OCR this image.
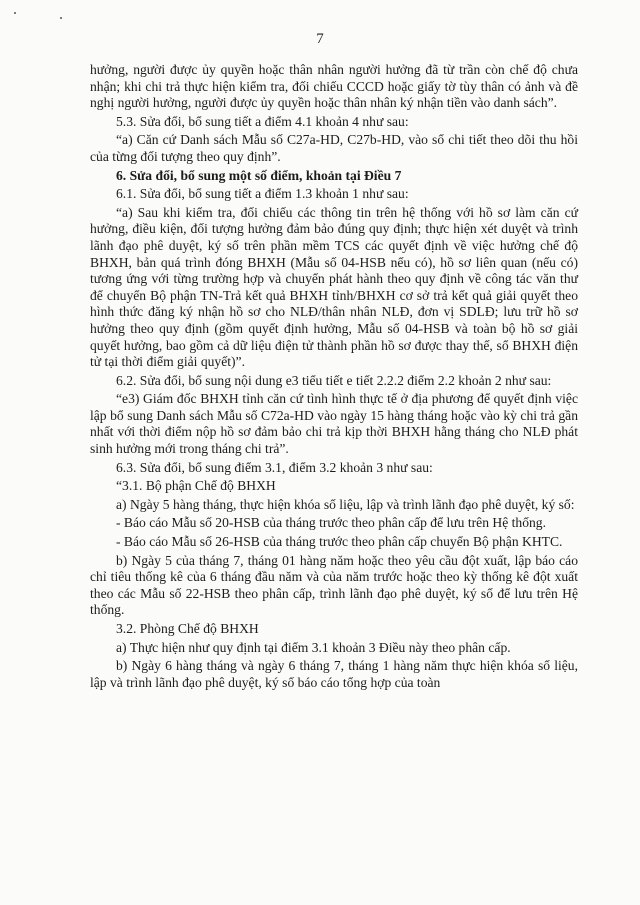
7

hưởng, người được ủy quyền hoặc thân nhân người hưởng đã từ trần còn chế độ chưa nhận; khi chi trả thực hiện kiểm tra, đối chiếu CCCD hoặc giấy tờ tùy thân có ảnh và đề nghị người hưởng, người được ủy quyền hoặc thân nhân ký nhận tiền vào danh sách”.

5.3. Sửa đổi, bổ sung tiết a điểm 4.1 khoản 4 như sau:

“a) Căn cứ Danh sách Mẫu số C27a-HD, C27b-HD, vào sổ chi tiết theo dõi thu hồi của từng đối tượng theo quy định”.

6. Sửa đổi, bổ sung một số điểm, khoản tại Điều 7

6.1. Sửa đổi, bổ sung tiết a điểm 1.3 khoản 1 như sau:

“a) Sau khi kiểm tra, đối chiếu các thông tin trên hệ thống với hồ sơ làm căn cứ hưởng, điều kiện, đối tượng hưởng đảm bảo đúng quy định; thực hiện xét duyệt và trình lãnh đạo phê duyệt, ký số trên phần mềm TCS các quyết định về việc hưởng chế độ BHXH, bản quá trình đóng BHXH (Mẫu số 04-HSB nếu có), hồ sơ liên quan (nếu có) tương ứng với từng trường hợp và chuyển phát hành theo quy định về công tác văn thư để chuyển Bộ phận TN-Trả kết quả BHXH tỉnh/BHXH cơ sở trả kết quả giải quyết theo hình thức đăng ký nhận hồ sơ cho NLĐ/thân nhân NLĐ, đơn vị SDLĐ; lưu trữ hồ sơ hưởng theo quy định (gồm quyết định hưởng, Mẫu số 04-HSB và toàn bộ hồ sơ giải quyết hưởng, bao gồm cả dữ liệu điện tử thành phần hồ sơ được thay thế, sổ BHXH điện tử tại thời điểm giải quyết)”.

6.2. Sửa đổi, bổ sung nội dung e3 tiểu tiết e tiết 2.2.2 điểm 2.2 khoản 2 như sau:

“e3) Giám đốc BHXH tỉnh căn cứ tình hình thực tế ở địa phương để quyết định việc lập bổ sung Danh sách Mẫu số C72a-HD vào ngày 15 hàng tháng hoặc vào kỳ chi trả gần nhất với thời điểm nộp hồ sơ đảm bảo chi trả kịp thời BHXH hằng tháng cho NLĐ phát sinh hưởng mới trong tháng chi trả”.

6.3. Sửa đổi, bổ sung điểm 3.1, điểm 3.2 khoản 3 như sau:

“3.1. Bộ phận Chế độ BHXH

a) Ngày 5 hàng tháng, thực hiện khóa số liệu, lập và trình lãnh đạo phê duyệt, ký số:

- Báo cáo Mẫu số 20-HSB của tháng trước theo phân cấp để lưu trên Hệ thống.

- Báo cáo Mẫu số 26-HSB của tháng trước theo phân cấp chuyển Bộ phận KHTC.

b) Ngày 5 của tháng 7, tháng 01 hàng năm hoặc theo yêu cầu đột xuất, lập báo cáo chỉ tiêu thống kê của 6 tháng đầu năm và của năm trước hoặc theo kỳ thống kê đột xuất theo các Mẫu số 22-HSB theo phân cấp, trình lãnh đạo phê duyệt, ký số để lưu trên Hệ thống.

3.2. Phòng Chế độ BHXH

a) Thực hiện như quy định tại điểm 3.1 khoản 3 Điều này theo phân cấp.

b) Ngày 6 hàng tháng và ngày 6 tháng 7, tháng 1 hàng năm thực hiện khóa số liệu, lập và trình lãnh đạo phê duyệt, ký số báo cáo tổng hợp của toàn
